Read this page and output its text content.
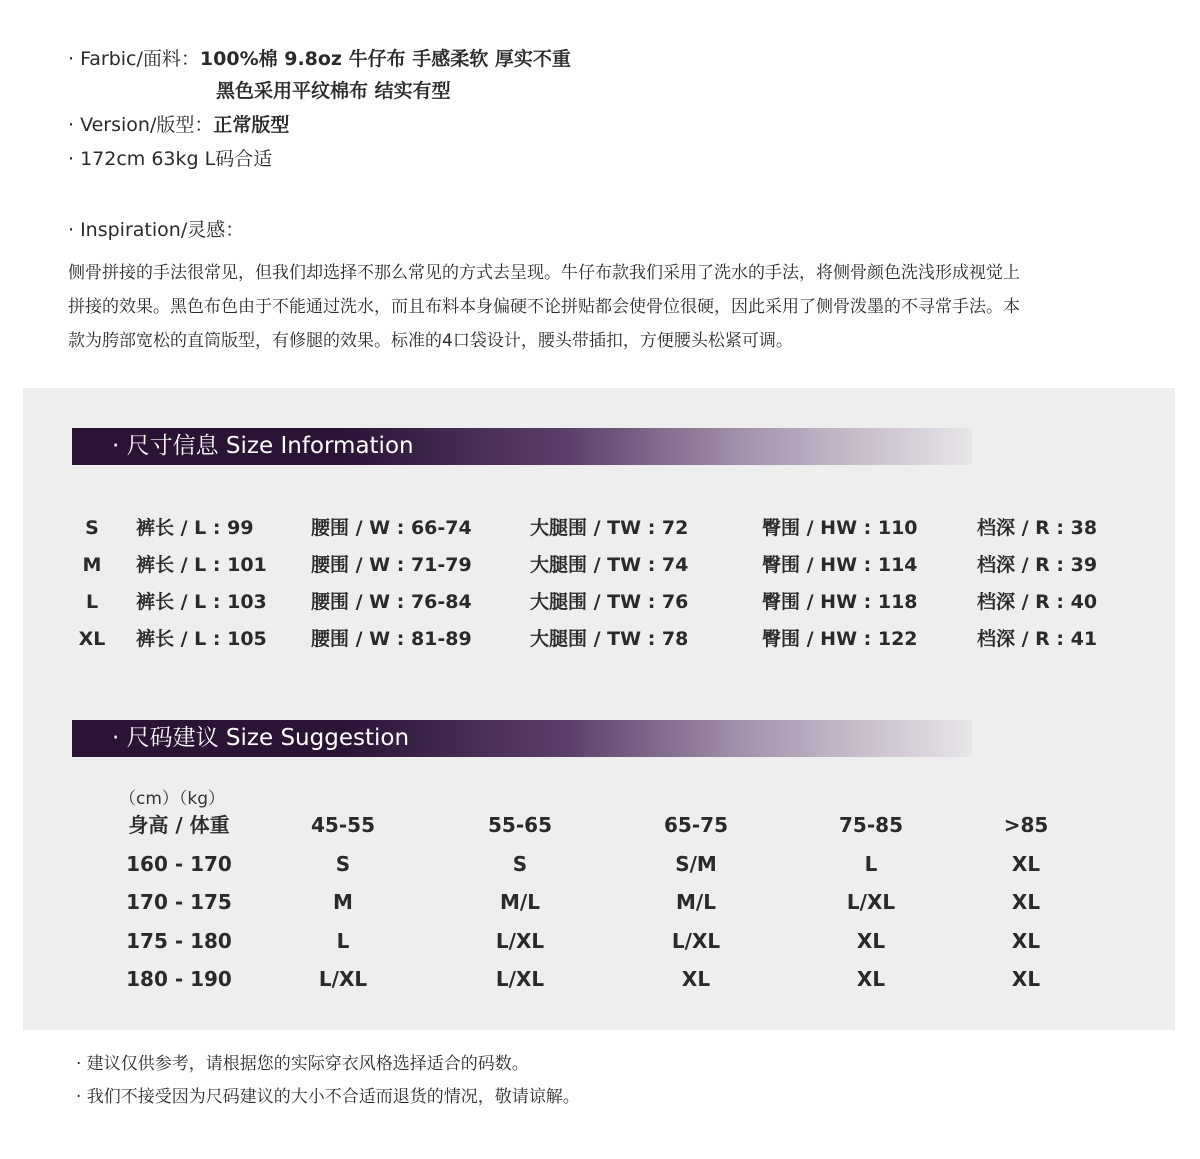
· Farbic/面料：100%棉 9.8oz 牛仔布 手感柔软 厚实不重
黑色采用平纹棉布 结实有型
· Version/版型：正常版型
· 172cm 63kg L码合适
· Inspiration/灵感：
侧骨拼接的手法很常见，但我们却选择不那么常见的方式去呈现。牛仔布款我们采用了洗水的手法，将侧骨颜色洗浅形成视觉上
拼接的效果。黑色布色由于不能通过洗水，而且布料本身偏硬不论拼贴都会使骨位很硬，因此采用了侧骨泼墨的不寻常手法。本
款为胯部宽松的直筒版型，有修腿的效果。标准的4口袋设计，腰头带插扣，方便腰头松紧可调。
· 尺寸信息 Size Information
S	裤长 / L : 99	腰围 / W : 66-74	大腿围 / TW : 72	臀围 / HW : 110	档深 / R : 38
M	裤长 / L : 101 腰围 / W : 71-79	大腿围 / TW : 74	臀围 / HW : 114	档深 / R : 39
L	裤长 / L : 103 腰围 / W : 76-84	大腿围 / TW : 76	臀围 / HW : 118	档深 / R : 40
XL	裤长 / L : 105 腰围 / W : 81-89	大腿围 / TW : 78	臀围 / HW : 122	档深 / R : 41
· 尺码建议 Size Suggestion
（cm）（kg）
身高 / 体重	45-55	55-65	65-75	75-85	>85
160 - 170	S	S	S/M	L	XL
170 - 175	M	M/L	M/L	L/XL	XL
175 - 180	L	L/XL	L/XL	XL	XL
180 - 190	L/XL	L/XL	XL	XL	XL
· 建议仅供参考，请根据您的实际穿衣风格选择适合的码数。
· 我们不接受因为尺码建议的大小不合适而退货的情况，敬请谅解。
